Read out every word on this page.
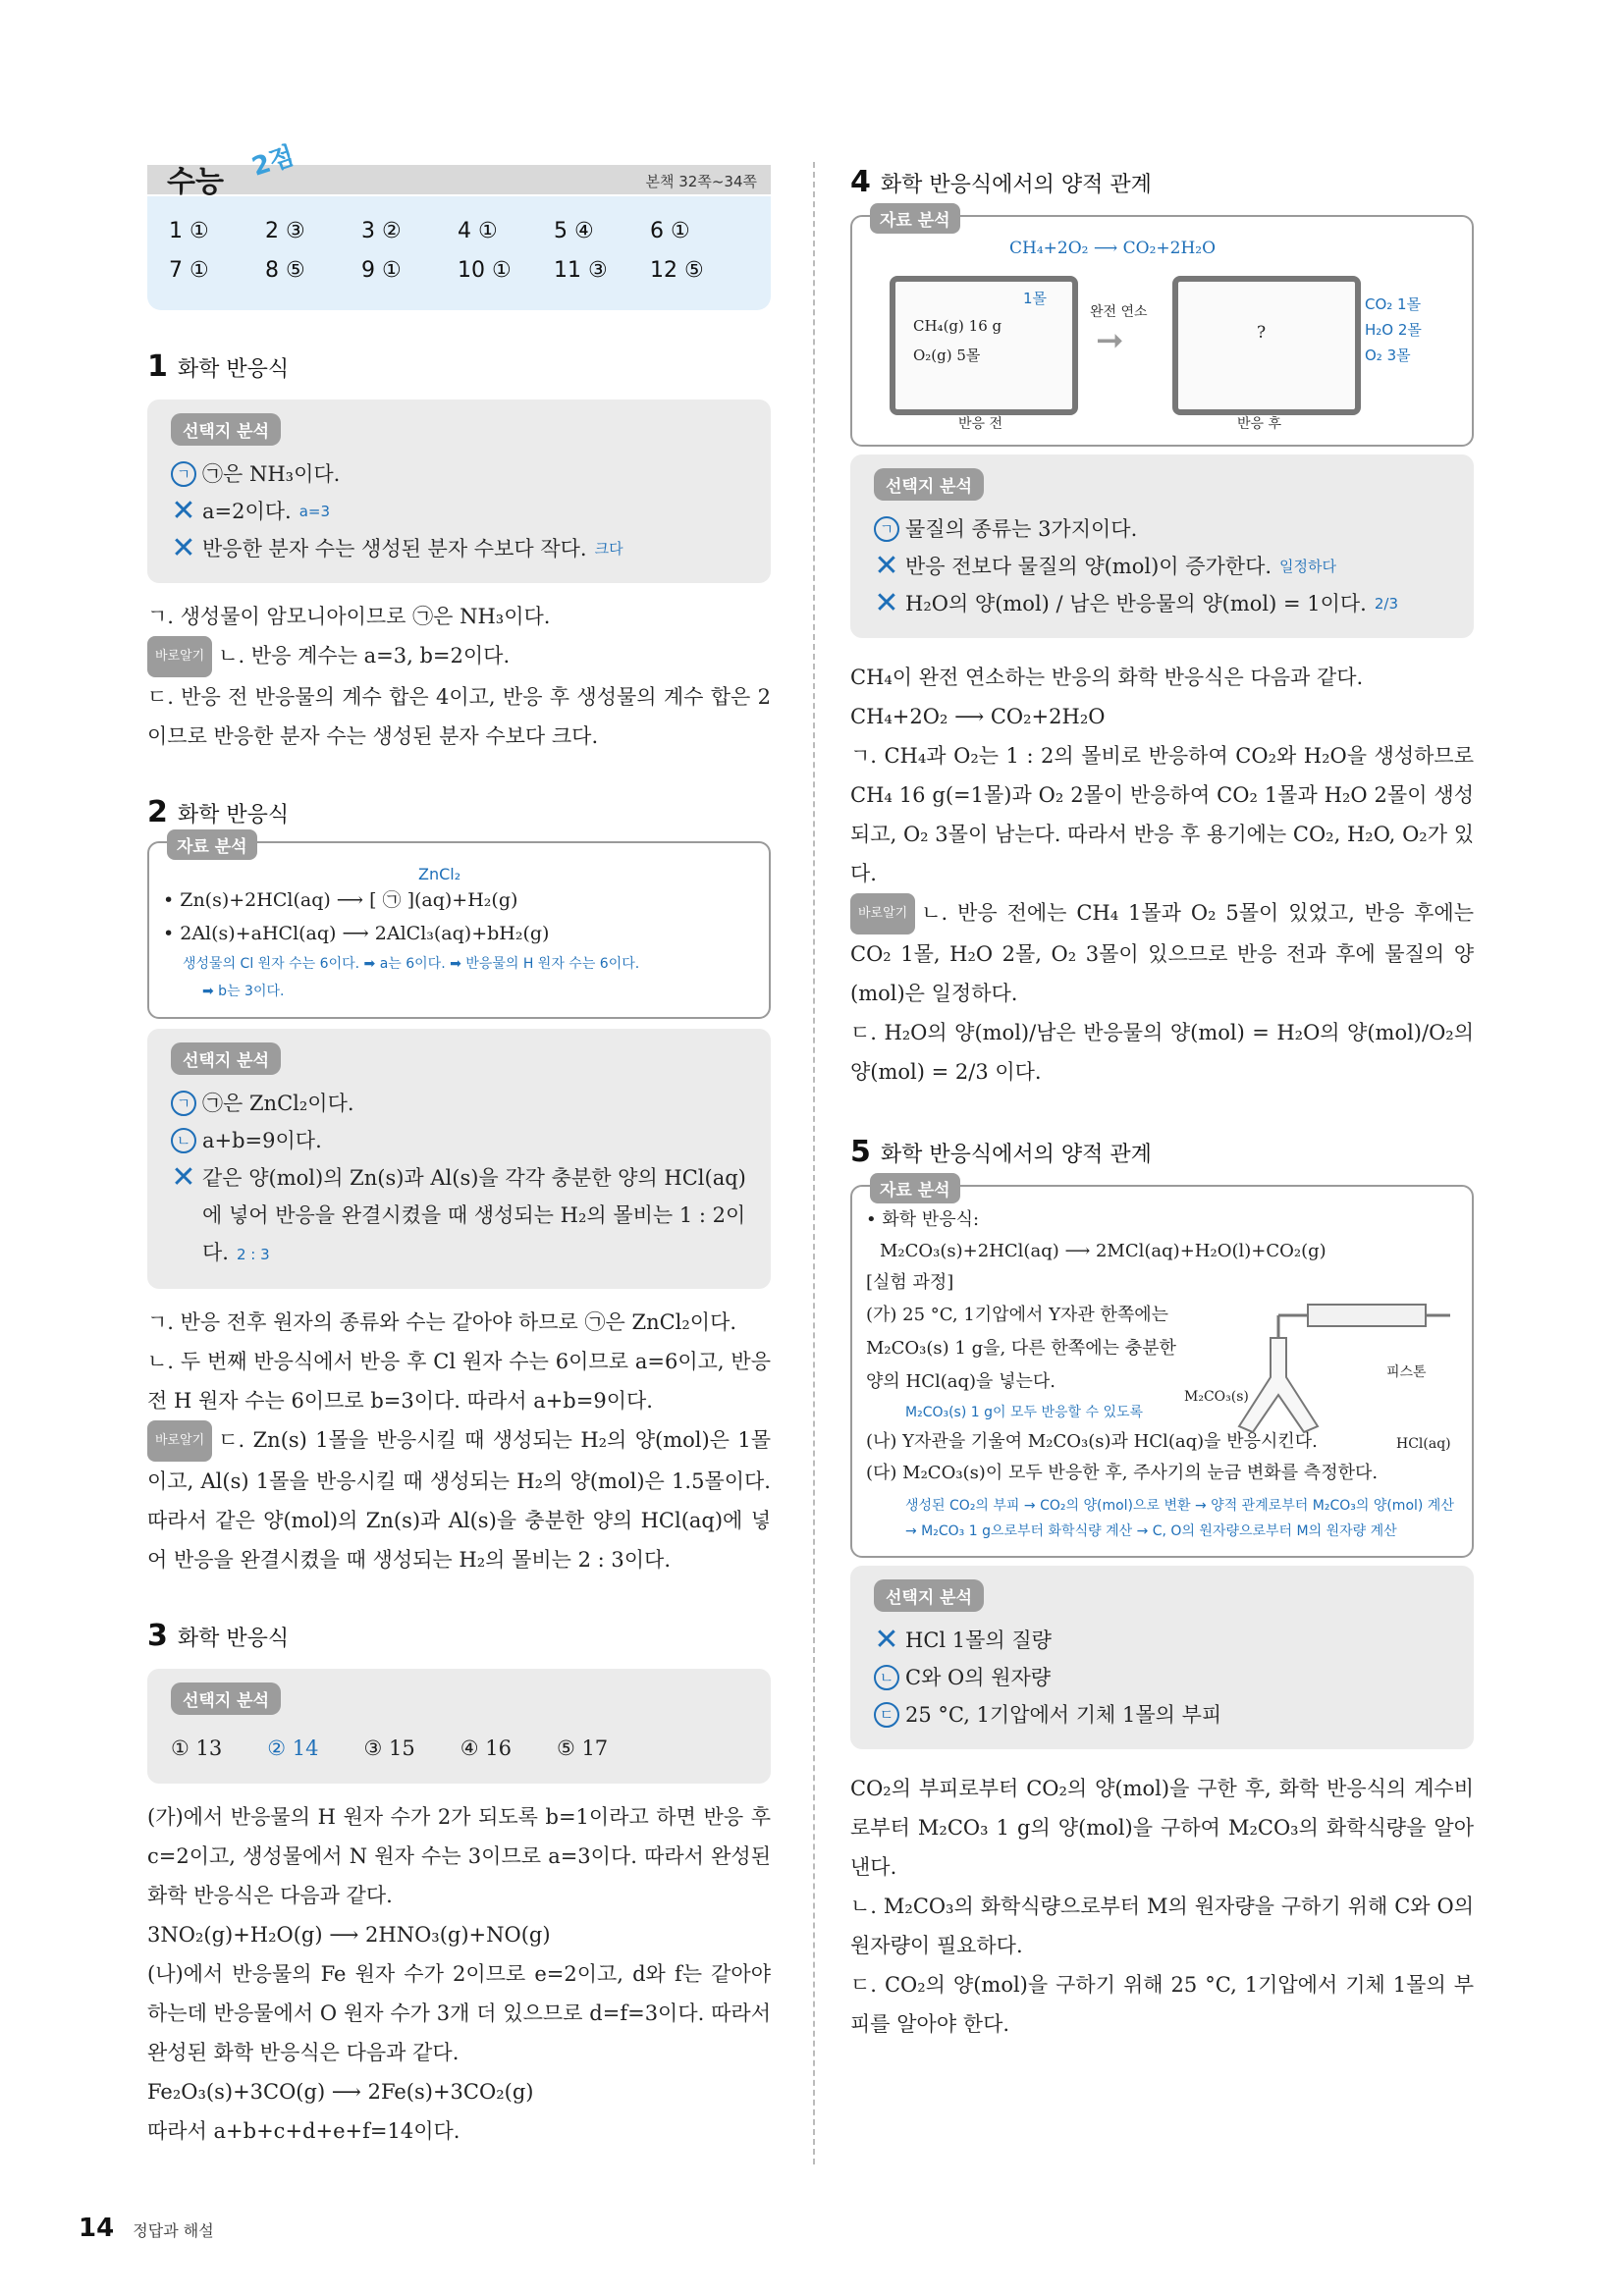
수능 2점	본책 32쪽~34쪽
1 ①	2 ③	3 ②	4 ①	5 ④	6 ①
7 ①	8 ⑤	9 ①	10 ①	11 ③	12 ⑤
1 화학 반응식
선택지 분석
ㄱ ㉠은 NH₃이다.
✕ a=2이다. a=3
✕ 반응한 분자 수는 생성된 분자 수보다 작다. 크다
ㄱ. 생성물이 암모니아이므로 ㉠은 NH₃이다.
바로알기 ㄴ. 반응 계수는 a=3, b=2이다.
ㄷ. 반응 전 반응물의 계수 합은 4이고, 반응 후 생성물의 계수 합은 2이므로 반응한 분자 수는 생성된 분자 수보다 크다.
2 화학 반응식
자료 분석
ZnCl₂
• Zn(s)+2HCl(aq) ⟶ [ ㉠ ](aq)+H₂(g)
• 2Al(s)+aHCl(aq) ⟶ 2AlCl₃(aq)+bH₂(g)
생성물의 Cl 원자 수는 6이다. ➡ a는 6이다. ➡ 반응물의 H 원자 수는 6이다.
➡ b는 3이다.
선택지 분석
ㄱ ㉠은 ZnCl₂이다.
ㄴ a+b=9이다.
✕ 같은 양(mol)의 Zn(s)과 Al(s)을 각각 충분한 양의 HCl(aq)에 넣어 반응을 완결시켰을 때 생성되는 H₂의 몰비는 1 : 2이다. 2 : 3
ㄱ. 반응 전후 원자의 종류와 수는 같아야 하므로 ㉠은 ZnCl₂이다.
ㄴ. 두 번째 반응식에서 반응 후 Cl 원자 수는 6이므로 a=6이고, 반응 전 H 원자 수는 6이므로 b=3이다. 따라서 a+b=9이다.
바로알기 ㄷ. Zn(s) 1몰을 반응시킬 때 생성되는 H₂의 양(mol)은 1몰이고, Al(s) 1몰을 반응시킬 때 생성되는 H₂의 양(mol)은 1.5몰이다. 따라서 같은 양(mol)의 Zn(s)과 Al(s)을 충분한 양의 HCl(aq)에 넣어 반응을 완결시켰을 때 생성되는 H₂의 몰비는 2 : 3이다.
3 화학 반응식
선택지 분석
① 13 ② 14 ③ 15 ④ 16 ⑤ 17
(가)에서 반응물의 H 원자 수가 2가 되도록 b=1이라고 하면 반응 후 c=2이고, 생성물에서 N 원자 수는 3이므로 a=3이다. 따라서 완성된 화학 반응식은 다음과 같다.
3NO₂(g)+H₂O(g) ⟶ 2HNO₃(g)+NO(g)
(나)에서 반응물의 Fe 원자 수가 2이므로 e=2이고, d와 f는 같아야 하는데 반응물에서 O 원자 수가 3개 더 있으므로 d=f=3이다. 따라서 완성된 화학 반응식은 다음과 같다.
Fe₂O₃(s)+3CO(g) ⟶ 2Fe(s)+3CO₂(g)
따라서 a+b+c+d+e+f=14이다.
4 화학 반응식에서의 양적 관계
자료 분석
CH₄+2O₂ ⟶ CO₂+2H₂O
CH₄(g) 16 g
O₂(g) 5몰
1몰
완전 연소
➞	?
CO₂ 1몰
H₂O 2몰
O₂ 3몰
반응 전	반응 후
선택지 분석
ㄱ 물질의 종류는 3가지이다.
✕ 반응 전보다 물질의 양(mol)이 증가한다. 일정하다
✕ H₂O의 양(mol) / 남은 반응물의 양(mol) = 1이다. 2/3
CH₄이 완전 연소하는 반응의 화학 반응식은 다음과 같다.
CH₄+2O₂ ⟶ CO₂+2H₂O
ㄱ. CH₄과 O₂는 1 : 2의 몰비로 반응하여 CO₂와 H₂O을 생성하므로 CH₄ 16 g(=1몰)과 O₂ 2몰이 반응하여 CO₂ 1몰과 H₂O 2몰이 생성되고, O₂ 3몰이 남는다. 따라서 반응 후 용기에는 CO₂, H₂O, O₂가 있다.
바로알기 ㄴ. 반응 전에는 CH₄ 1몰과 O₂ 5몰이 있었고, 반응 후에는 CO₂ 1몰, H₂O 2몰, O₂ 3몰이 있으므로 반응 전과 후에 물질의 양(mol)은 일정하다.
ㄷ. H₂O의 양(mol)/남은 반응물의 양(mol) = H₂O의 양(mol)/O₂의 양(mol) = 2/3 이다.
5 화학 반응식에서의 양적 관계
자료 분석
• 화학 반응식:
M₂CO₃(s)+2HCl(aq) ⟶ 2MCl(aq)+H₂O(l)+CO₂(g)
[실험 과정]
(가) 25 °C, 1기압에서 Y자관 한쪽에는 M₂CO₃(s) 1 g을, 다른 한쪽에는 충분한 양의 HCl(aq)을 넣는다.	피스톤
M₂CO₃(s)
HCl(aq)
M₂CO₃(s) 1 g이 모두 반응할 수 있도록
(나) Y자관을 기울여 M₂CO₃(s)과 HCl(aq)을 반응시킨다.
(다) M₂CO₃(s)이 모두 반응한 후, 주사기의 눈금 변화를 측정한다.
생성된 CO₂의 부피 → CO₂의 양(mol)으로 변환 → 양적 관계로부터 M₂CO₃의 양(mol) 계산 → M₂CO₃ 1 g으로부터 화학식량 계산 → C, O의 원자량으로부터 M의 원자량 계산
선택지 분석
✕ HCl 1몰의 질량
ㄴ C와 O의 원자량
ㄷ 25 °C, 1기압에서 기체 1몰의 부피
CO₂의 부피로부터 CO₂의 양(mol)을 구한 후, 화학 반응식의 계수비로부터 M₂CO₃ 1 g의 양(mol)을 구하여 M₂CO₃의 화학식량을 알아낸다.
ㄴ. M₂CO₃의 화학식량으로부터 M의 원자량을 구하기 위해 C와 O의 원자량이 필요하다.
ㄷ. CO₂의 양(mol)을 구하기 위해 25 °C, 1기압에서 기체 1몰의 부피를 알아야 한다.
14 정답과 해설
